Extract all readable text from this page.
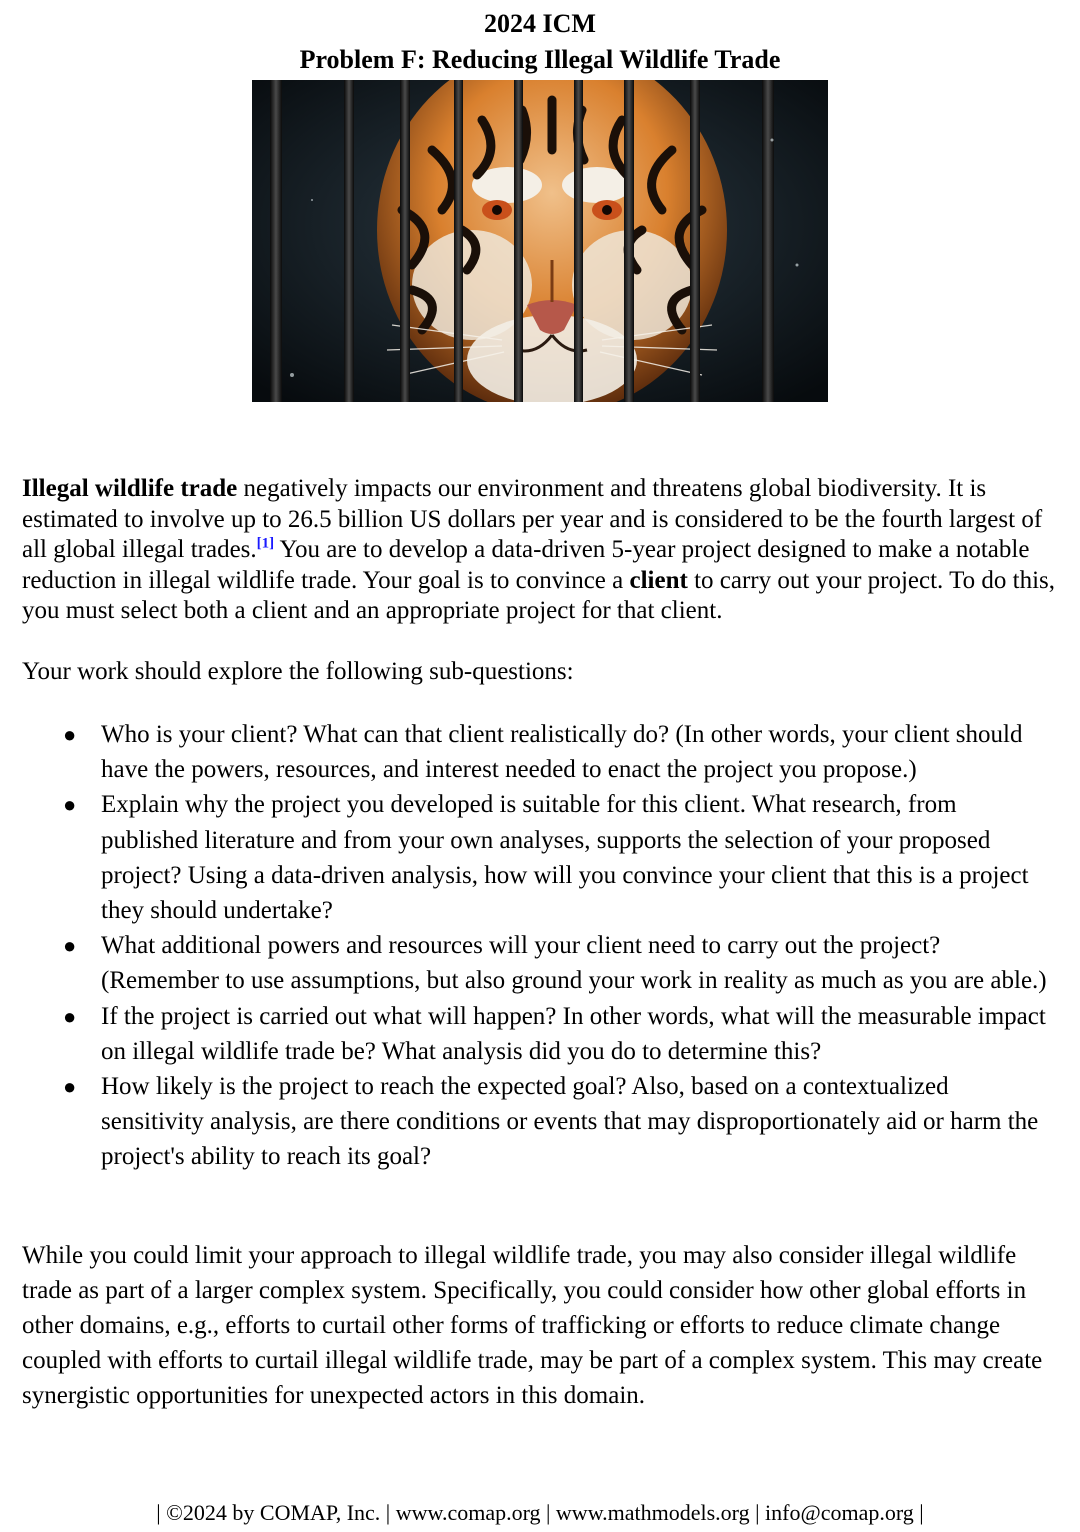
2024 ICM
Problem F: Reducing Illegal Wildlife Trade

Illegal wildlife trade negatively impacts our environment and threatens global biodiversity. It is estimated to involve up to 26.5 billion US dollars per year and is considered to be the fourth largest of all global illegal trades.[1] You are to develop a data-driven 5-year project designed to make a notable reduction in illegal wildlife trade. Your goal is to convince a client to carry out your project. To do this, you must select both a client and an appropriate project for that client.

Your work should explore the following sub-questions:

● Who is your client? What can that client realistically do? (In other words, your client should have the powers, resources, and interest needed to enact the project you propose.)
● Explain why the project you developed is suitable for this client. What research, from published literature and from your own analyses, supports the selection of your proposed project? Using a data-driven analysis, how will you convince your client that this is a project they should undertake?
● What additional powers and resources will your client need to carry out the project? (Remember to use assumptions, but also ground your work in reality as much as you are able.)
● If the project is carried out what will happen? In other words, what will the measurable impact on illegal wildlife trade be? What analysis did you do to determine this?
● How likely is the project to reach the expected goal? Also, based on a contextualized sensitivity analysis, are there conditions or events that may disproportionately aid or harm the project's ability to reach its goal?

While you could limit your approach to illegal wildlife trade, you may also consider illegal wildlife trade as part of a larger complex system. Specifically, you could consider how other global efforts in other domains, e.g., efforts to curtail other forms of trafficking or efforts to reduce climate change coupled with efforts to curtail illegal wildlife trade, may be part of a complex system. This may create synergistic opportunities for unexpected actors in this domain.

| ©2024 by COMAP, Inc. | www.comap.org | www.mathmodels.org | info@comap.org |
